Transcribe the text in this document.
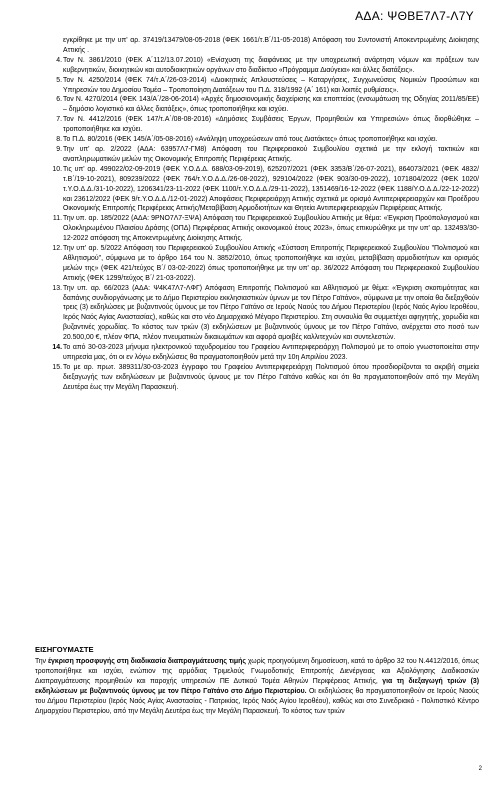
ΑΔΑ: ΨΘΒΕ7Λ7-Λ7Υ
εγκρίθηκε με την υπ' αρ. 37419/13479/08-05-2018 (ΦΕΚ 1661/τ.Β΄/11-05-2018) Απόφαση του Συντονιστή Αποκεντρωμένης Διοίκησης Αττικής .
4. Τον Ν. 3861/2010 (ΦΕΚ Α΄112/13.07.2010) «Ενίσχυση της διαφάνειας με την υποχρεωτική ανάρτηση νόμων και πράξεων των κυβερνητικών, διοικητικών και αυτοδιοικητικών οργάνων στο διαδίκτυο «Πρόγραμμα Διαύγεια» και άλλες διατάξεις».
5. Τον Ν. 4250/2014 (ΦΕΚ 74/τ.Α΄/26-03-2014) «Διοικητικές Απλουστεύσεις – Καταργήσεις, Συγχωνεύσεις Νομικών Προσώπων και Υπηρεσιών του Δημοσίου Τομέα – Τροποποίηση Διατάξεων του Π.Δ. 318/1992 (Α΄ 161) και λοιπές ρυθμίσεις».
6. Τον Ν. 4270/2014 (ΦΕΚ 143/Α΄/28-06-2014) «Αρχές δημοσιονομικής διαχείρισης και εποπτείας (ενσωμάτωση της Οδηγίας 2011/85/ΕΕ) – δημόσιο λογιστικό και άλλες διατάξεις», όπως τροποποιήθηκε και ισχύει.
7. Τον Ν. 4412/2016 (ΦΕΚ 147/τ.Α΄/08-08-2016) «Δημόσιες Συμβάσεις Έργων, Προμηθειών και Υπηρεσιών» όπως διορθώθηκε – τροποποιήθηκε και ισχύει.
8. Το Π.Δ. 80/2016 (ΦΕΚ 145/Α΄/05-08-2016) «Ανάληψη υποχρεώσεων από τους Διατάκτες» όπως τροποποιήθηκε και ισχύει.
9. Την υπ' αρ. 2/2022 (ΑΔΑ: 63957Λ7-ΓΜ8) Απόφαση του Περιφερειακού Συμβουλίου σχετικά με την εκλογή τακτικών και αναπληρωματικών μελών της Οικονομικής Επιτροπής Περιφέρειας Αττικής.
10. Τις υπ' αρ. 499022/02-09-2019 (ΦΕΚ Υ.Ο.Δ.Δ. 688/03-09-2019), 625207/2021 (ΦΕΚ 3353/Β΄/26-07-2021), 864073/2021 (ΦΕΚ 4832/τ.Β΄/19-10-2021), 809239/2022 (ΦΕΚ 764/τ.Υ.Ο.Δ.Δ./26-08-2022), 929104/2022 (ΦΕΚ 903/30-09-2022), 1071804/2022 (ΦΕΚ 1020/τ.Υ.Ο.Δ.Δ./31-10-2022), 1206341/23-11-2022 (ΦΕΚ 1100/τ.Υ.Ο.Δ.Δ./29-11-2022), 1351469/16-12-2022 (ΦΕΚ 1188/Υ.Ο.Δ.Δ./22-12-2022) και 23612/2022 (ΦΕΚ 9/τ.Υ.Ο.Δ.Δ./12-01-2022) Αποφάσεις Περιφερειάρχη Αττικής σχετικά με ορισμό Αντιπεριφερειαρχών και Προέδρου Οικονομικής Επιτροπής Περιφέρειας Αττικής/Μεταβίβαση Αρμοδιοτήτων και Θητεία Αντιπεριφερειαρχών Περιφέρειας Αττικής.
11. Την υπ. αρ. 185/2022 (ΑΔΑ: 9ΡΝΟ7Λ7-ΞΨΑ) Απόφαση του Περιφερειακού Συμβουλίου Αττικής με θέμα: «Έγκριση Προϋπολογισμού και Ολοκληρωμένου Πλαισίου Δράσης (ΟΠΔ) Περιφέρειας Αττικής οικονομικού έτους 2023», όπως επικυρώθηκε με την υπ' αρ. 132493/30-12-2022 απόφαση της Αποκεντρωμένης Διοίκησης Αττικής.
12. Την υπ' αρ. 5/2022 Απόφαση του Περιφερειακού Συμβουλίου Αττικής «Σύσταση Επιτροπής Περιφερειακού Συμβουλίου "Πολιτισμού και Αθλητισμού", σύμφωνα με το άρθρο 164 του Ν. 3852/2010, όπως τροποποιήθηκε και ισχύει, μεταβίβαση αρμοδιοτήτων και ορισμός μελών της» (ΦΕΚ 421/τεύχος Β΄/ 03-02-2022) όπως τροποποιήθηκε με την υπ' αρ. 36/2022 Απόφαση του Περιφερειακού Συμβουλίου Αττικής (ΦΕΚ 1299/τεύχος Β΄/ 21-03-2022).
13. Την υπ. αρ. 66/2023 (ΑΔΑ: Ψ4Κ47Λ7-ΛΦΓ) Απόφαση Επιτροπής Πολιτισμού και Αθλητισμού με θέμα: «Έγκριση σκοπιμότητας και δαπάνης συνδιοργάνωσης με το Δήμο Περιστερίου εκκλησιαστικών ύμνων με τον Πέτρο Γαϊτάνο», σύμφωνα με την οποία θα διεξαχθούν τρεις (3) εκδηλώσεις με βυζαντινούς ύμνους με τον Πέτρο Γαϊτάνο σε Ιερούς Ναούς του Δήμου Περιστερίου (Ιερός Ναός Αγίου Ιεροθέου, Ιερός Ναός Αγίας Αναστασίας), καθώς και στο νέο Δημαρχιακό Μέγαρο Περιστερίου. Στη συναυλία θα συμμετέχει αφηγητής, χορωδία και βυζαντινές χορωδίας. Το κόστος των τριών (3) εκδηλώσεων με βυζαντινούς ύμνους με τον Πέτρο Γαϊτάνο, ανέρχεται στο ποσό των 20.500,00 €, πλέον ΦΠΑ, πλέον πνευματικών δικαιωμάτων και αφορά αμοιβές καλλιτεχνών και συντελεστών.
14. Το από 30-03-2023 μήνυμα ηλεκτρονικού ταχυδρομείου του Γραφείου Αντιπεριφερειάρχη Πολιτισμού με το οποίο γνωστοποιείται στην υπηρεσία μας, ότι οι εν λόγω εκδηλώσεις θα πραγματοποιηθούν μετά την 10η Απριλίου 2023.
15. Το με αρ. πρωτ. 389311/30-03-2023 έγγραφο του Γραφείου Αντιπεριφερειάρχη Πολιτισμού όπου προσδιορίζονται τα ακριβή σημεία διεξαγωγής των εκδηλώσεων με βυζαντινούς ύμνους με τον Πέτρο Γαϊτάνο καθώς και ότι θα πραγματοποιηθούν από την Μεγάλη Δευτέρα έως την Μεγάλη Παρασκευή.
ΕΙΣΗΓΟΥΜΑΣΤΕ

Την έγκριση προσφυγής στη διαδικασία διαπραγμάτευσης τιμής χωρίς προηγούμενη δημοσίευση, κατά το άρθρο 32 του Ν.4412/2016, όπως τροποποιήθηκε και ισχύει, ενώπιον της αρμόδιας Τριμελούς Γνωμοδοτικής Επιτροπής Διενέργειας και Αξιολόγησης Διαδικασιών Διαπραγμάτευσης προμηθειών και παροχής υπηρεσιών ΠΕ Δυτικού Τομέα Αθηνών Περιφέρειας Αττικής, για τη διεξαγωγή τριών (3) εκδηλώσεων με βυζαντινούς ύμνους με τον Πέτρο Γαϊτάνο στο Δήμο Περιστερίου. Οι εκδηλώσεις θα πραγματοποιηθούν σε Ιερούς Ναούς του Δήμου Περιστερίου (Ιερός Ναός Αγίας Αναστασίας - Πατρικίας, Ιερός Ναός Αγίου Ιεροθέου), καθώς και στο Συνεδριακό - Πολιτιστικό Κέντρο Δημαρχείου Περιστερίου, από την Μεγάλη Δευτέρα έως την Μεγάλη Παρασκευή. Το κόστος των τριών

2
